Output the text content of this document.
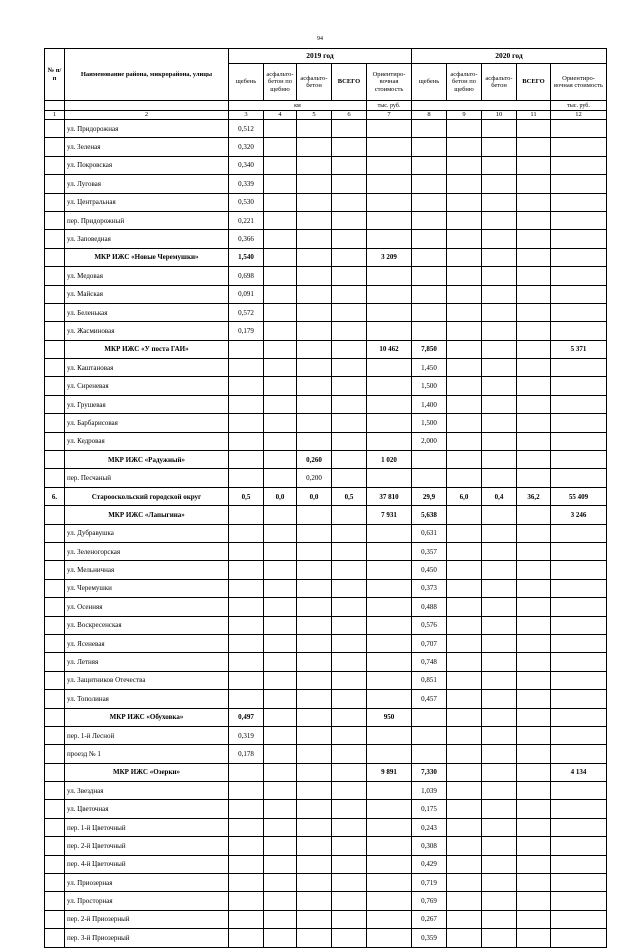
94
№ п/п	Наименование района, микрорайона, улицы	2019 год					2020 год				
		щебень	асфальто-бетон по щебню	асфальто-бетон	ВСЕГО	Ориентиро-вочная стоимость	щебень	асфальто-бетон по щебню	асфальто-бетон	ВСЕГО	Ориентиро-вочная стоимость
		км				тыс. руб.					тыс. руб.
1	2	3	4	5	6	7	8	9	10	11	12
	ул. Придорожная	0,512									
	ул. Зеленая	0,320									
	ул. Покровская	0,340									
	ул. Луговая	0,339									
	ул. Центральная	0,530									
	пер. Придорожный	0,221									
	ул. Заповедная	0,366									
	МКР ИЖС «Новые Черемушки»	1,540				3 209					
	ул. Медовая	0,698									
	ул. Майская	0,091									
	ул. Беленькая	0,572									
	ул. Жасминовая	0,179									
	МКР ИЖС «У поста ГАИ»					10 462	7,850				5 371
	ул. Каштановая						1,450				
	ул. Сиреневая						1,500				
	ул. Грушевая						1,400				
	ул. Барбарисовая						1,500				
	ул. Кедровая						2,000				
	МКР ИЖС «Радужный»			0,260		1 020					
	пер. Песчаный			0,200							
6.	Старооскольский городской округ	0,5	0,0	0,0	0,5	37 810	29,9	6,0	0,4	36,2	55 409
	МКР ИЖС «Лапыгина»					7 931	5,638				3 246
	ул. Дубравушка						0,631				
	ул. Зеленогорская						0,357				
	ул. Мельничная						0,450				
	ул. Черемушки						0,373				
	ул. Осенняя						0,488				
	ул. Воскресенская						0,576				
	ул. Ясеневая						0,707				
	ул. Летняя						0,748				
	ул. Защитников Отечества						0,851				
	ул. Тополиная						0,457				
	МКР ИЖС «Обуховка»	0,497				950					
	пер. 1-й Лесной	0,319									
	проезд № 1	0,178									
	МКР ИЖС «Озерки»					9 891	7,330				4 134
	ул. Звездная						1,039				
	ул. Цветочная						0,175				
	пер. 1-й Цветочный						0,243				
	пер. 2-й Цветочный						0,308				
	пер. 4-й Цветочный						0,429				
	ул. Приозерная						0,719				
	ул. Просторная						0,769				
	пер. 2-й Приозерный						0,267				
	пер. 3-й Приозерный						0,359				
